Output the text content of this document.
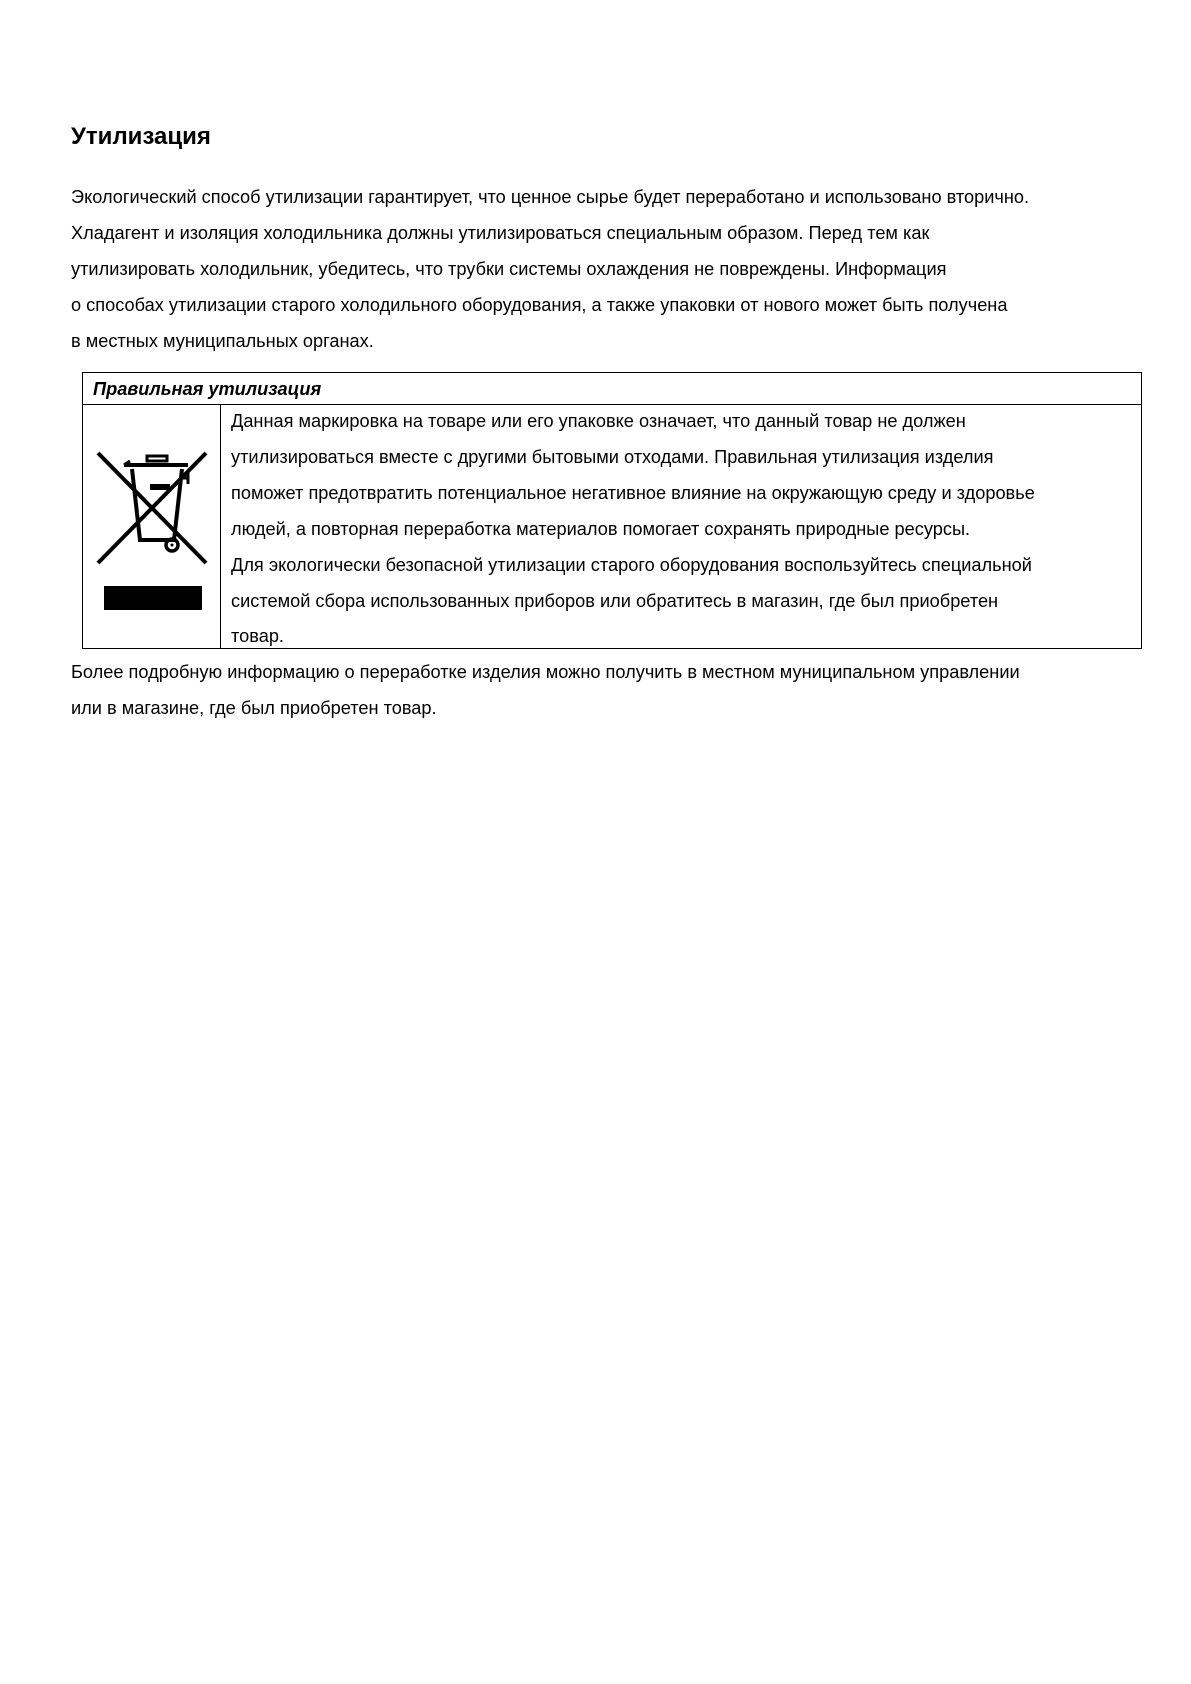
Утилизация

Экологический способ утилизации гарантирует, что ценное сырье будет переработано и использовано вторично.

Хладагент и изоляция холодильника должны утилизироваться специальным образом. Перед тем как

утилизировать холодильник, убедитесь, что трубки системы охлаждения не повреждены. Информация

о способах утилизации старого холодильного оборудования, а также упаковки от нового может быть получена

в местных муниципальных органах.

Правильная утилизация

Данная маркировка на товаре или его упаковке означает, что данный товар не должен

утилизироваться вместе с другими бытовыми отходами. Правильная утилизация изделия

поможет предотвратить потенциальное негативное влияние на окружающую среду и здоровье

людей, а повторная переработка материалов помогает сохранять природные ресурсы.

Для экологически безопасной утилизации старого оборудования воспользуйтесь специальной

системой сбора использованных приборов или обратитесь в магазин, где был приобретен

товар.

Более подробную информацию о переработке изделия можно получить в местном муниципальном управлении

или в магазине, где был приобретен товар.
